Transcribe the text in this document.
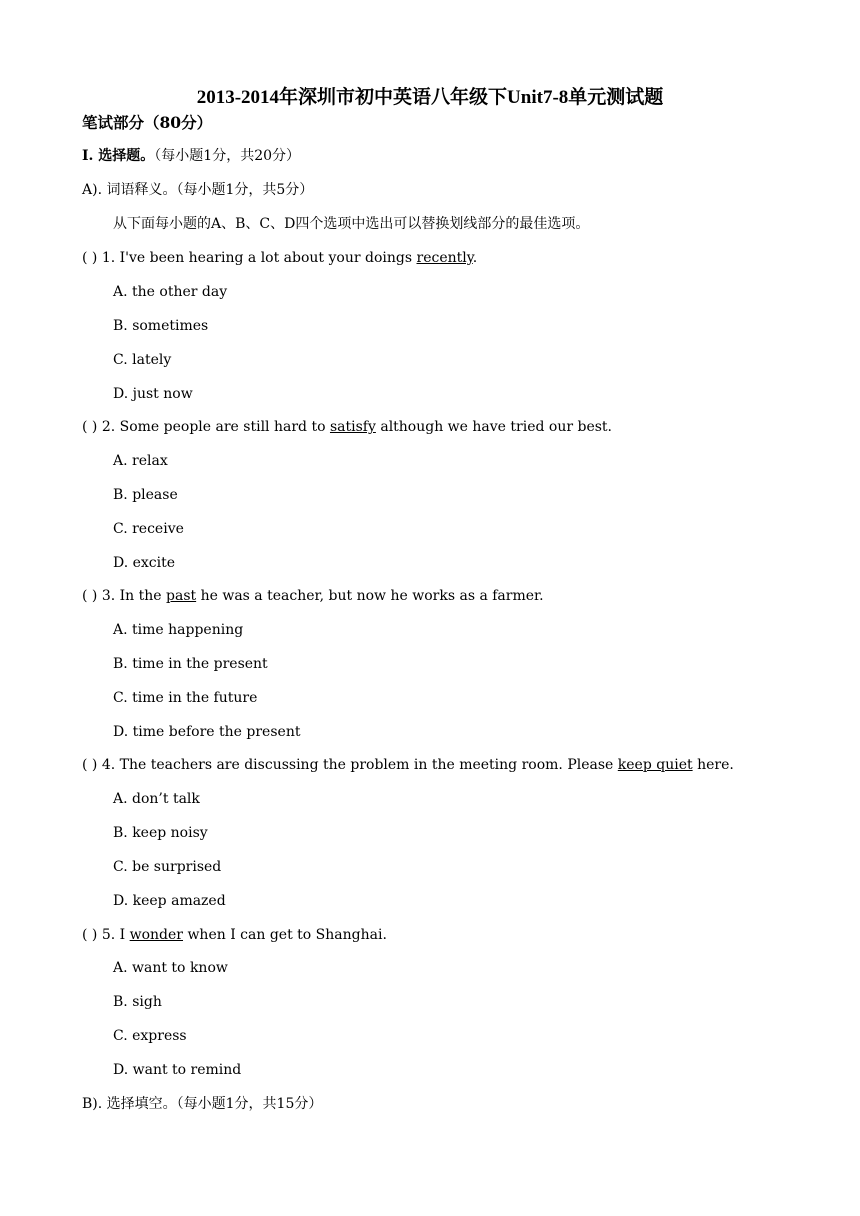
2013-2014年深圳市初中英语八年级下Unit7-8单元测试题
笔试部分（80分）
I. 选择题。（每小题1分，共20分）
A). 词语释义。（每小题1分，共5分）
从下面每小题的A、B、C、D四个选项中选出可以替换划线部分的最佳选项。
( ) 1. I've been hearing a lot about your doings recently.
A. the other day
B. sometimes
C. lately
D. just now
( ) 2. Some people are still hard to satisfy although we have tried our best.
A. relax
B. please
C. receive
D. excite
( ) 3. In the past he was a teacher, but now he works as a farmer.
A. time happening
B. time in the present
C. time in the future
D. time before the present
( ) 4. The teachers are discussing the problem in the meeting room. Please keep quiet here.
A. don’t talk
B. keep noisy
C. be surprised
D. keep amazed
( ) 5. I wonder when I can get to Shanghai.
A. want to know
B. sigh
C. express
D. want to remind
B). 选择填空。（每小题1分，共15分）
